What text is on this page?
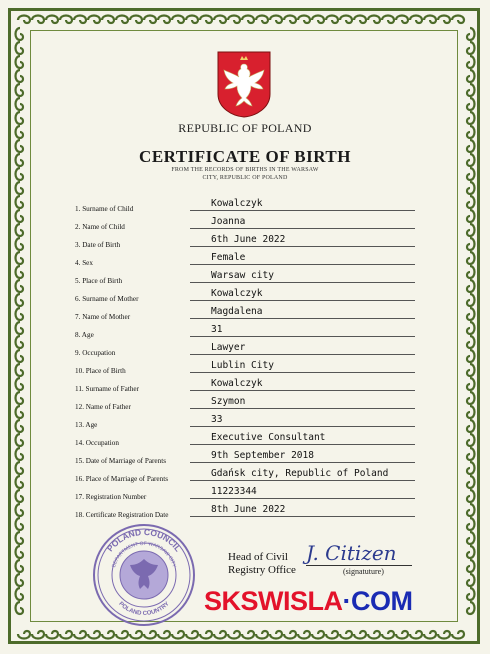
REPUBLIC OF POLAND
CERTIFICATE OF BIRTH
FROM THE RECORDS OF BIRTHS IN THE WARSAW
CITY, REPUBLIC OF POLAND
1. Surname of Child	Kowalczyk
2. Name of Child	Joanna
3. Date of Birth	6th June 2022
4. Sex	Female
5. Place of Birth	Warsaw city
6. Surname of Mother	Kowalczyk
7. Name of Mother	Magdalena
8. Age	31
9. Occupation	Lawyer
10. Place of Birth	Lublin City
11. Surname of Father	Kowalczyk
12. Name of Father	Szymon
13. Age	33
14. Occupation	Executive Consultant
15. Date of Marriage of Parents	9th September 2018
16. Place of Marriage of Parents	Gdańsk city, Republic of Poland
17. Registration Number	11223344
18. Certificate Registration Date	8th June 2022
POLAND COUNCIL
DEPARTMENT OF WARSAW CITY
POLAND COUNTRY
Head of Civil
Registry Office
J. Citizen
(signatuture)
SKSWISLA·COM
